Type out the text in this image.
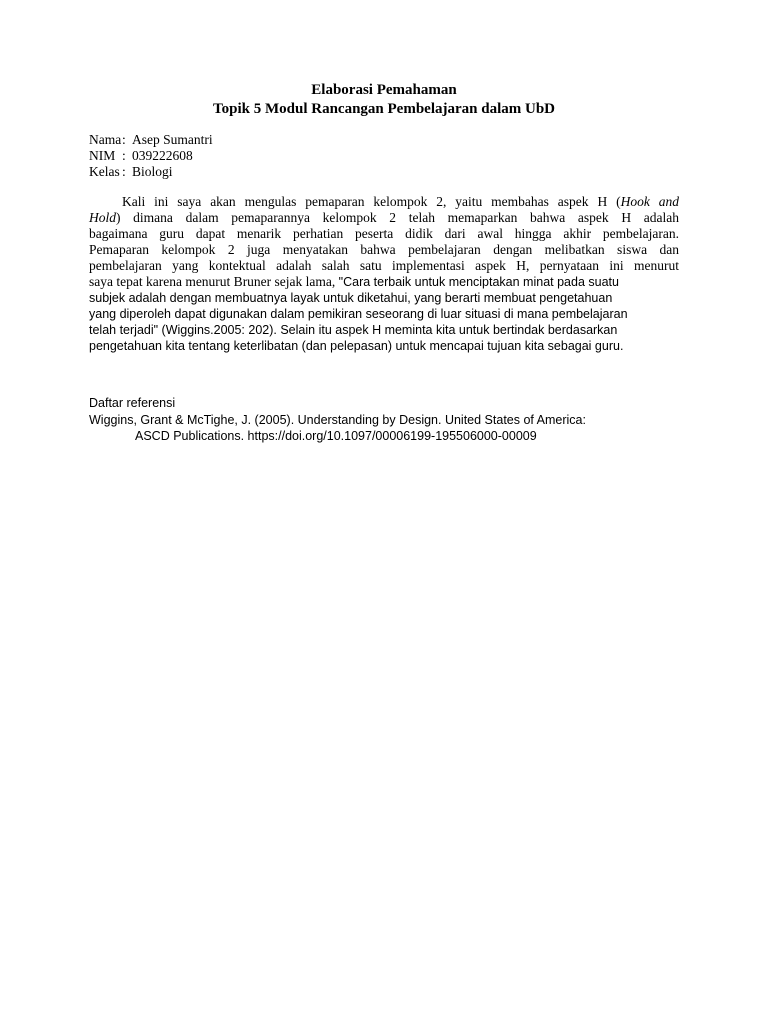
Elaborasi Pemahaman
Topik 5 Modul Rancangan Pembelajaran dalam UbD
Nama : Asep Sumantri
NIM : 039222608
Kelas : Biologi
Kali ini saya akan mengulas pemaparan kelompok 2, yaitu membahas aspek H (Hook and
Hold) dimana dalam pemaparannya kelompok 2 telah memaparkan bahwa aspek H adalah
bagaimana guru dapat menarik perhatian peserta didik dari awal hingga akhir pembelajaran.
Pemaparan kelompok 2 juga menyatakan bahwa pembelajaran dengan melibatkan siswa dan
pembelajaran yang kontektual adalah salah satu implementasi aspek H, pernyataan ini menurut
saya tepat karena menurut Bruner sejak lama, "Cara terbaik untuk menciptakan minat pada suatu
subjek adalah dengan membuatnya layak untuk diketahui, yang berarti membuat pengetahuan
yang diperoleh dapat digunakan dalam pemikiran seseorang di luar situasi di mana pembelajaran
telah terjadi" (Wiggins.2005: 202). Selain itu aspek H meminta kita untuk bertindak berdasarkan
pengetahuan kita tentang keterlibatan (dan pelepasan) untuk mencapai tujuan kita sebagai guru.
Daftar referensi
Wiggins, Grant & McTighe, J. (2005). Understanding by Design. United States of America:
ASCD Publications. https://doi.org/10.1097/00006199-195506000-00009
